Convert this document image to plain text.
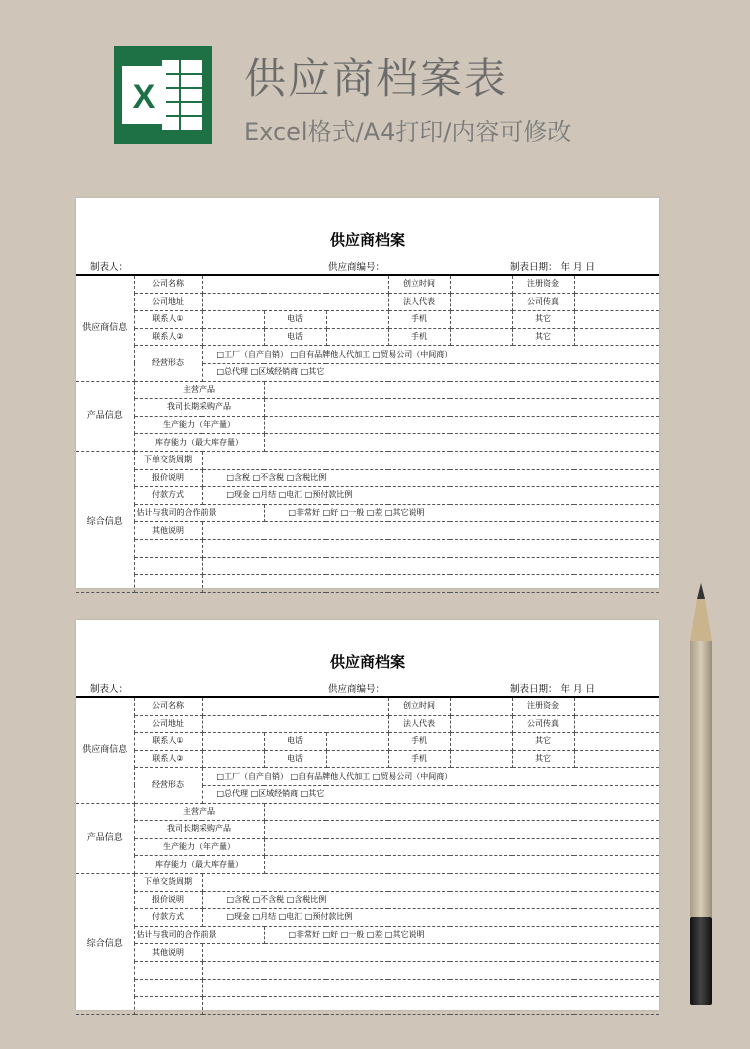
X 供应商档案表
Excel格式/A4打印/内容可修改
供应商档案
制表人：	供应商编号：	制表日期： 年 月 日
供应商信息	公司名称				创立时间		注册资金	
	公司地址				法人代表		公司传真	
	联系人①		电话		手机		其它	
	联系人②		电话		手机		其它	
	经营形态	□工厂（自产自销） □自有品牌他人代加工 □贸易公司（中间商）						
		□总代理 □区域经销商 □其它						
产品信息	主营产品							
	我司长期采购产品							
	生产能力（年产量）							
	库存能力（最大库存量）							
综合信息	下单交货周期							
	报价说明	□含税 □不含税 □含税比例						
	付款方式	□现金 □月结 □电汇 □预付款比例						
	估计与我司的合作前景		□非常好 □好 □一般 □差 □其它说明					
	其他说明							

供应商档案
制表人：	供应商编号：	制表日期： 年 月 日
供应商信息	公司名称				创立时间		注册资金	
	公司地址				法人代表		公司传真	
	联系人①		电话		手机		其它	
	联系人②		电话		手机		其它	
	经营形态	□工厂（自产自销） □自有品牌他人代加工 □贸易公司（中间商）						
		□总代理 □区域经销商 □其它						
产品信息	主营产品							
	我司长期采购产品							
	生产能力（年产量）							
	库存能力（最大库存量）							
综合信息	下单交货周期							
	报价说明	□含税 □不含税 □含税比例						
	付款方式	□现金 □月结 □电汇 □预付款比例						
	估计与我司的合作前景		□非常好 □好 □一般 □差 □其它说明					
	其他说明							
